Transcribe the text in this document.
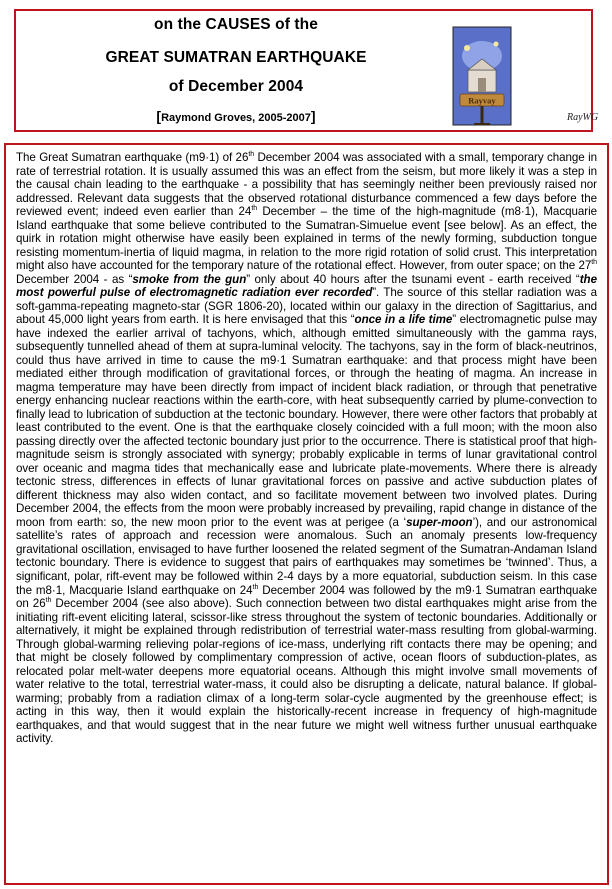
on the CAUSES of the
GREAT SUMATRAN EARTHQUAKE
of December 2004
[Raymond Groves, 2005-2007]
Rayvay
RayWG

The Great Sumatran earthquake (m9·1) of 26th December 2004 was associated with a small, temporary change in rate of terrestrial rotation. It is usually assumed this was an effect from the seism, but more likely it was a step in the causal chain leading to the earthquake - a possibility that has seemingly neither been previously raised nor addressed. Relevant data suggests that the observed rotational disturbance commenced a few days before the reviewed event; indeed even earlier than 24th December – the time of the high-magnitude (m8·1), Macquarie Island earthquake that some believe contributed to the Sumatran-Simuelue event [see below]. As an effect, the quirk in rotation might otherwise have easily been explained in terms of the newly forming, subduction tongue resisting momentum-inertia of liquid magma, in relation to the more rigid rotation of solid crust. This interpretation might also have accounted for the temporary nature of the rotational effect. However, from outer space; on the 27th December 2004 - as “smoke from the gun” only about 40 hours after the tsunami event - earth received “the most powerful pulse of electromagnetic radiation ever recorded”. The source of this stellar radiation was a soft-gamma-repeating magneto-star (SGR 1806-20), located within our galaxy in the direction of Sagittarius, and about 45,000 light years from earth. It is here envisaged that this “once in a life time” electromagnetic pulse may have indexed the earlier arrival of tachyons, which, although emitted simultaneously with the gamma rays, subsequently tunnelled ahead of them at supra-luminal velocity. The tachyons, say in the form of black-neutrinos, could thus have arrived in time to cause the m9·1 Sumatran earthquake: and that process might have been mediated either through modification of gravitational forces, or through the heating of magma. An increase in magma temperature may have been directly from impact of incident black radiation, or through that penetrative energy enhancing nuclear reactions within the earth-core, with heat subsequently carried by plume-convection to finally lead to lubrication of subduction at the tectonic boundary. However, there were other factors that probably at least contributed to the event. One is that the earthquake closely coincided with a full moon; with the moon also passing directly over the affected tectonic boundary just prior to the occurrence. There is statistical proof that high-magnitude seism is strongly associated with synergy; probably explicable in terms of lunar gravitational control over oceanic and magma tides that mechanically ease and lubricate plate-movements. Where there is already tectonic stress, differences in effects of lunar gravitational forces on passive and active subduction plates of different thickness may also widen contact, and so facilitate movement between two involved plates. During December 2004, the effects from the moon were probably increased by prevailing, rapid change in distance of the moon from earth: so, the new moon prior to the event was at perigee (a ‘super-moon’), and our astronomical satellite’s rates of approach and recession were anomalous. Such an anomaly presents low-frequency gravitational oscillation, envisaged to have further loosened the related segment of the Sumatran-Andaman Island tectonic boundary. There is evidence to suggest that pairs of earthquakes may sometimes be ‘twinned’. Thus, a significant, polar, rift-event may be followed within 2-4 days by a more equatorial, subduction seism. In this case the m8·1, Macquarie Island earthquake on 24th December 2004 was followed by the m9·1 Sumatran earthquake on 26th December 2004 (see also above). Such connection between two distal earthquakes might arise from the initiating rift-event eliciting lateral, scissor-like stress throughout the system of tectonic boundaries. Additionally or alternatively, it might be explained through redistribution of terrestrial water-mass resulting from global-warming. Through global-warming relieving polar-regions of ice-mass, underlying rift contacts there may be opening; and that might be closely followed by complimentary compression of active, ocean floors of subduction-plates, as relocated polar melt-water deepens more equatorial oceans. Although this might involve small movements of water relative to the total, terrestrial water-mass, it could also be disrupting a delicate, natural balance. If global-warming; probably from a radiation climax of a long-term solar-cycle augmented by the greenhouse effect; is acting in this way, then it would explain the historically-recent increase in frequency of high-magnitude earthquakes, and that would suggest that in the near future we might well witness further unusual earthquake activity.
